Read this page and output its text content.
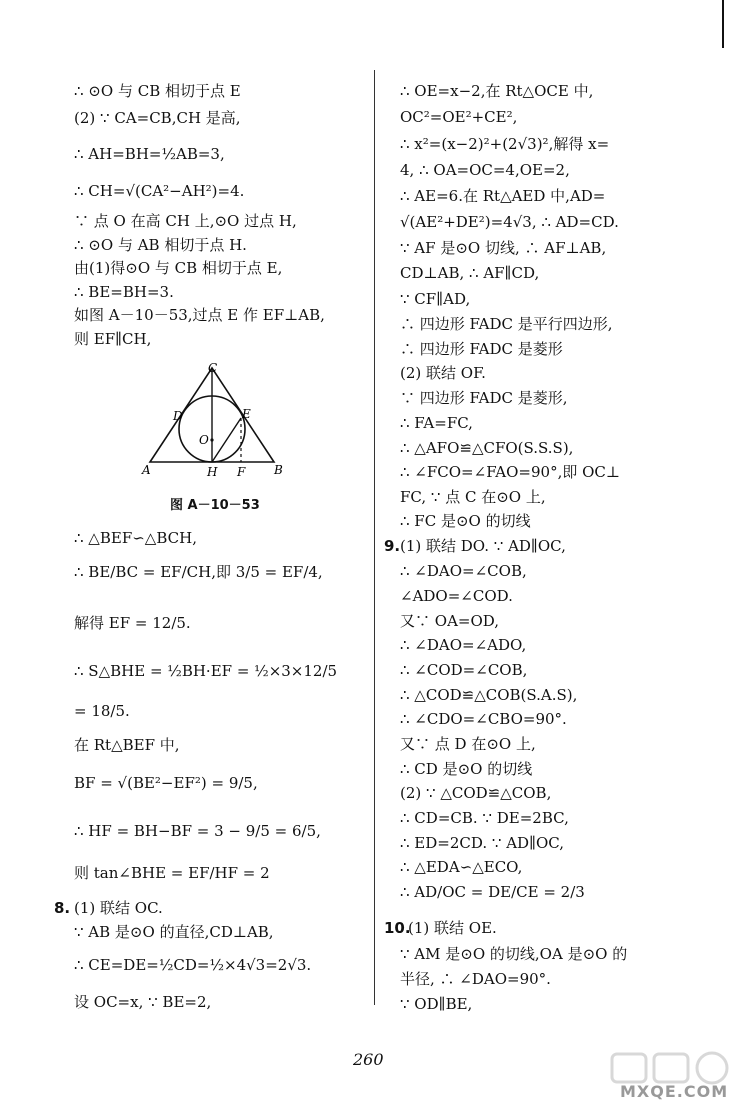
∴ ⊙O 与 CB 相切于点 E
(2) ∵ CA=CB,CH 是高,
∴ AH=BH=½AB=3,
∴ CH=√(CA²−AH²)=4.
∵ 点 O 在高 CH 上,⊙O 过点 H,
∴ ⊙O 与 AB 相切于点 H.
由(1)得⊙O 与 CB 相切于点 E,
∴ BE=BH=3.
如图 A－10－53,过点 E 作 EF⊥AB,
则 EF∥CH,
C
D	E
O
A	H F B
图 A－10－53
∴ △BEF∽△BCH,
∴ BE/BC = EF/CH,即 3/5 = EF/4,
解得 EF = 12/5.
∴ S△BHE = ½BH·EF = ½×3×12/5
= 18/5.
在 Rt△BEF 中,
BF = √(BE²−EF²) = 9/5,
∴ HF = BH−BF = 3 − 9/5 = 6/5,
则 tan∠BHE = EF/HF = 2
8. (1) 联结 OC.
∵ AB 是⊙O 的直径,CD⊥AB,
∴ CE=DE=½CD=½×4√3=2√3.
设 OC=x, ∵ BE=2,
∴ OE=x−2,在 Rt△OCE 中,
OC²=OE²+CE²,
∴ x²=(x−2)²+(2√3)²,解得 x=
4, ∴ OA=OC=4,OE=2,
∴ AE=6.在 Rt△AED 中,AD=
√(AE²+DE²)=4√3, ∴ AD=CD.
∵ AF 是⊙O 切线, ∴ AF⊥AB,
CD⊥AB, ∴ AF∥CD,
∵ CF∥AD,
∴ 四边形 FADC 是平行四边形,
∴ 四边形 FADC 是菱形
(2) 联结 OF.
∵ 四边形 FADC 是菱形,
∴ FA=FC,
∴ △AFO≌△CFO(S.S.S),
∴ ∠FCO=∠FAO=90°,即 OC⊥
FC, ∵ 点 C 在⊙O 上,
∴ FC 是⊙O 的切线
9. (1) 联结 DO. ∵ AD∥OC,
∴ ∠DAO=∠COB,
∠ADO=∠COD.
又∵ OA=OD,
∴ ∠DAO=∠ADO,
∴ ∠COD=∠COB,
∴ △COD≌△COB(S.A.S),
∴ ∠CDO=∠CBO=90°.
又∵ 点 D 在⊙O 上,
∴ CD 是⊙O 的切线
(2) ∵ △COD≌△COB,
∴ CD=CB. ∵ DE=2BC,
∴ ED=2CD. ∵ AD∥OC,
∴ △EDA∽△ECO,
∴ AD/OC = DE/CE = 2/3
10.
(1) 联结 OE.
∵ AM 是⊙O 的切线,OA 是⊙O 的
半径, ∴ ∠DAO=90°.
∵ OD∥BE,
260
MXQE.COM
